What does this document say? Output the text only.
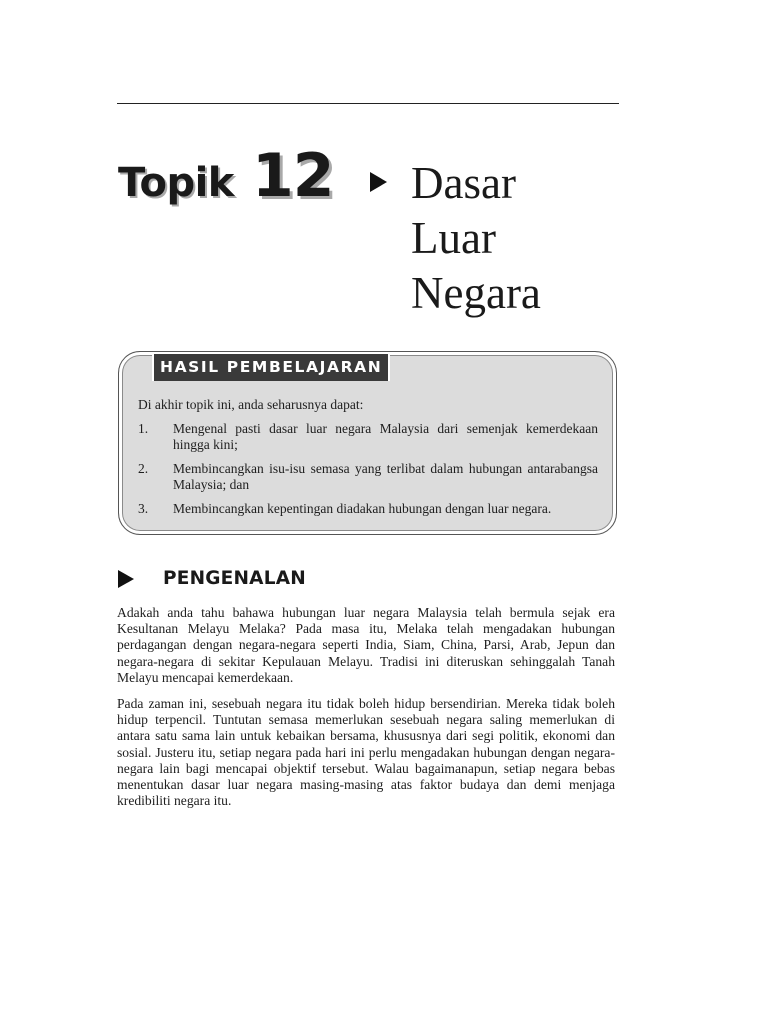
Topik 12 Dasar
Luar
Negara
HASIL PEMBELAJARAN
Di akhir topik ini, anda seharusnya dapat:
1. Mengenal pasti dasar luar negara Malaysia dari semenjak kemerdekaan hingga kini;
2. Membincangkan isu-isu semasa yang terlibat dalam hubungan antarabangsa Malaysia; dan
3. Membincangkan kepentingan diadakan hubungan dengan luar negara.
PENGENALAN

Adakah anda tahu bahawa hubungan luar negara Malaysia telah bermula sejak era Kesultanan Melayu Melaka? Pada masa itu, Melaka telah mengadakan hubungan perdagangan dengan negara-negara seperti India, Siam, China, Parsi, Arab, Jepun dan negara-negara di sekitar Kepulauan Melayu. Tradisi ini diteruskan sehinggalah Tanah Melayu mencapai kemerdekaan.

Pada zaman ini, sesebuah negara itu tidak boleh hidup bersendirian. Mereka tidak boleh hidup terpencil. Tuntutan semasa memerlukan sesebuah negara saling memerlukan di antara satu sama lain untuk kebaikan bersama, khususnya dari segi politik, ekonomi dan sosial. Justeru itu, setiap negara pada hari ini perlu mengadakan hubungan dengan negara-negara lain bagi mencapai objektif tersebut. Walau bagaimanapun, setiap negara bebas menentukan dasar luar negara masing-masing atas faktor budaya dan demi menjaga kredibiliti negara itu.
